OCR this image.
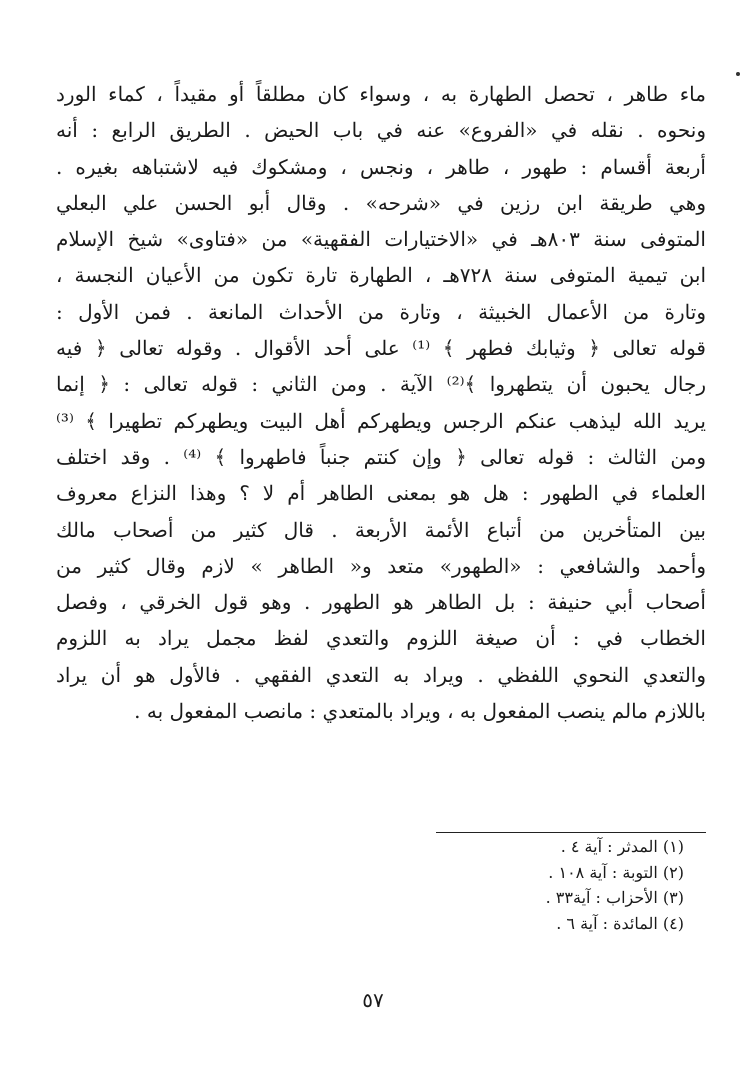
ماء طاهر ، تحصل الطهارة به ، وسواء كان مطلقاً أو مقيداً ، كماء الورد
ونحوه . نقله في «الفروع» عنه في باب الحيض . الطريق الرابع : أنه
أربعة أقسام : طهور ، طاهر ، ونجس ، ومشكوك فيه لاشتباهه بغيره .
وهي طريقة ابن رزين في «شرحه» . وقال أبو الحسن علي البعلي
المتوفى سنة ٨٠٣هـ في «الاختيارات الفقهية» من «فتاوى» شيخ الإسلام
ابن تيمية المتوفى سنة ٧٢٨هـ ، الطهارة تارة تكون من الأعيان النجسة ،
وتارة من الأعمال الخبيثة ، وتارة من الأحداث المانعة . فمن الأول :
قوله تعالى ﴿ وثيابك فطهر ﴾ ⁽¹⁾ على أحد الأقوال . وقوله تعالى ﴿ فيه
رجال يحبون أن يتطهروا ﴾⁽²⁾ الآية . ومن الثاني : قوله تعالى : ﴿ إنما
يريد الله ليذهب عنكم الرجس ويطهركم أهل البيت ويطهركم تطهيرا ﴾ ⁽³⁾
ومن الثالث : قوله تعالى ﴿ وإن كنتم جنباً فاطهروا ﴾ ⁽⁴⁾ . وقد اختلف
العلماء في الطهور : هل هو بمعنى الطاهر أم لا ؟ وهذا النزاع معروف
بين المتأخرين من أتباع الأئمة الأربعة . قال كثير من أصحاب مالك
وأحمد والشافعي : «الطهور» متعد و« الطاهر » لازم وقال كثير من
أصحاب أبي حنيفة : بل الطاهر هو الطهور . وهو قول الخرقي ، وفصل
الخطاب في : أن صيغة اللزوم والتعدي لفظ مجمل يراد به اللزوم
والتعدي النحوي اللفظي . ويراد به التعدي الفقهي . فالأول هو أن يراد
باللازم مالم ينصب المفعول به ، ويراد بالمتعدي : مانصب المفعول به .
(١) المدثر : آية ٤ .
(٢) التوبة : آية ١٠٨ .
(٣) الأحزاب : آية٣٣ .
(٤) المائدة : آية ٦ .
٥٧
